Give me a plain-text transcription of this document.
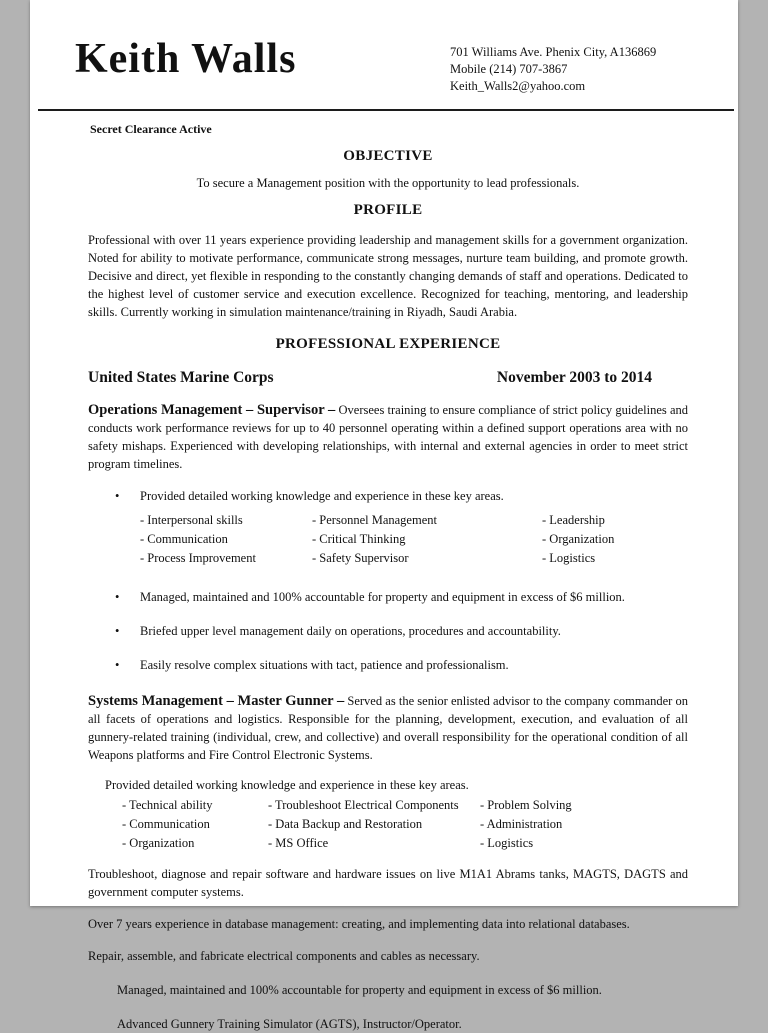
Keith Walls	701 Williams Ave. Phenix City, A136869
Mobile (214) 707-3867
Keith_Walls2@yahoo.com
Secret Clearance Active
OBJECTIVE

To secure a Management position with the opportunity to lead professionals.

PROFILE

Professional with over 11 years experience providing leadership and management skills for a government organization. Noted for ability to motivate performance, communicate strong messages, nurture team building, and promote growth. Decisive and direct, yet flexible in responding to the constantly changing demands of staff and operations. Dedicated to the highest level of customer service and execution excellence. Recognized for teaching, mentoring, and leadership skills. Currently working in simulation maintenance/training in Riyadh, Saudi Arabia.

PROFESSIONAL EXPERIENCE
United States Marine Corps	November 2003 to 2014

Operations Management – Supervisor – Oversees training to ensure compliance of strict policy guidelines and conducts work performance reviews for up to 40 personnel operating within a defined support operations area with no safety mishaps. Experienced with developing relationships, with internal and external agencies in order to meet strict program timelines.

•	Provided detailed working knowledge and experience in these key areas.
- Interpersonal skills	- Personnel Management	- Leadership
- Communication	- Critical Thinking	- Organization
- Process Improvement	- Safety Supervisor	- Logistics
•	Managed, maintained and 100% accountable for property and equipment in excess of $6 million.
•	Briefed upper level management daily on operations, procedures and accountability.
•	Easily resolve complex situations with tact, patience and professionalism.

Systems Management – Master Gunner – Served as the senior enlisted advisor to the company commander on all facets of operations and logistics. Responsible for the planning, development, execution, and evaluation of all gunnery-related training (individual, crew, and collective) and overall responsibility for the operational condition of all Weapons platforms and Fire Control Electronic Systems.

Provided detailed working knowledge and experience in these key areas.
- Technical ability	- Troubleshoot Electrical Components	- Problem Solving
- Communication	- Data Backup and Restoration	- Administration
- Organization	- MS Office	- Logistics

Troubleshoot, diagnose and repair software and hardware issues on live M1A1 Abrams tanks, MAGTS, DAGTS and government computer systems.

Over 7 years experience in database management: creating, and implementing data into relational databases.

Repair, assemble, and fabricate electrical components and cables as necessary.

Managed, maintained and 100% accountable for property and equipment in excess of $6 million.
Advanced Gunnery Training Simulator (AGTS), Instructor/Operator.
